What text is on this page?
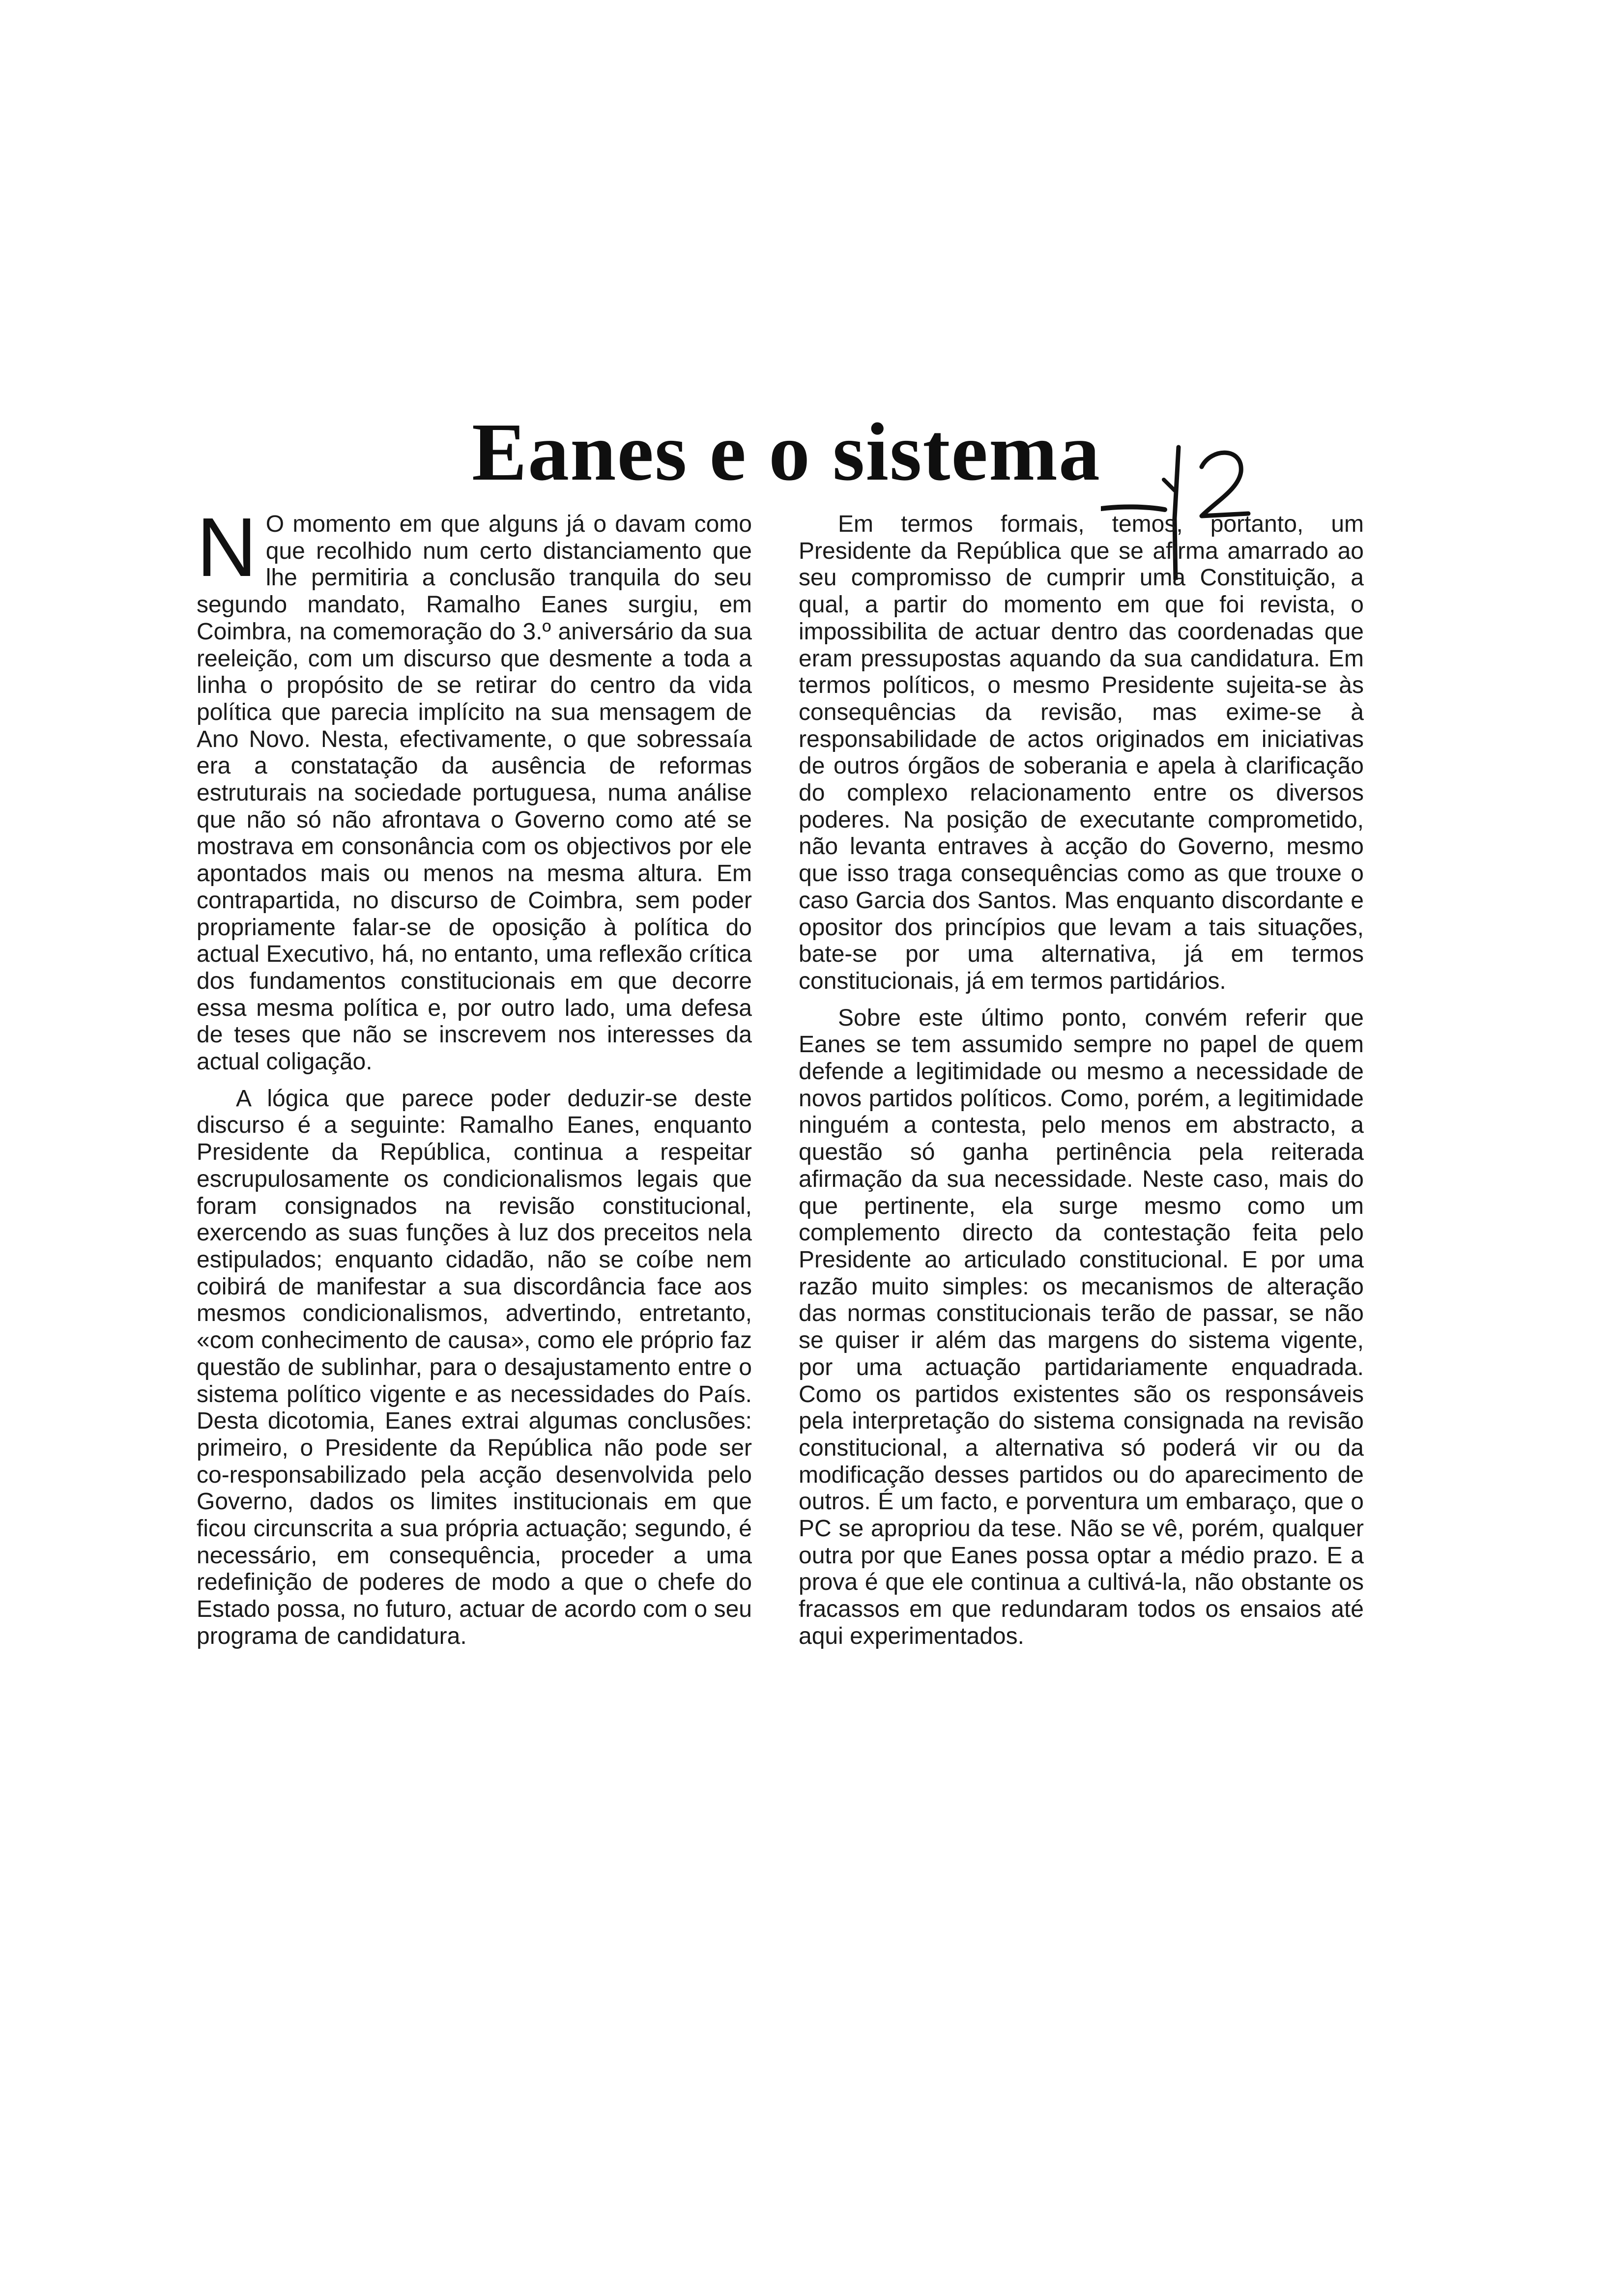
Eanes e o sistema

N O momento em que alguns já o davam como que recolhido num certo distanciamento que lhe permitiria a conclusão tranquila do seu segundo mandato, Ramalho Eanes surgiu, em Coimbra, na comemoração do 3.º aniversário da sua reeleição, com um discurso que desmente a toda a linha o propósito de se retirar do centro da vida política que parecia implícito na sua mensagem de Ano Novo. Nesta, efectivamente, o que sobressaía era a constatação da ausência de reformas estruturais na sociedade portuguesa, numa análise que não só não afrontava o Governo como até se mostrava em consonância com os objectivos por ele apontados mais ou menos na mesma altura. Em contrapartida, no discurso de Coimbra, sem poder propriamente falar-se de oposição à política do actual Executivo, há, no entanto, uma reflexão crítica dos fundamentos constitucionais em que decorre essa mesma política e, por outro lado, uma defesa de teses que não se inscrevem nos interesses da actual coligação.

A lógica que parece poder deduzir-se deste discurso é a seguinte: Ramalho Eanes, enquanto Presidente da República, continua a respeitar escrupulosamente os condicionalismos legais que foram consignados na revisão constitucional, exercendo as suas funções à luz dos preceitos nela estipulados; enquanto cidadão, não se coíbe nem coibirá de manifestar a sua discordância face aos mesmos condicionalismos, advertindo, entretanto, «com conhecimento de causa», como ele próprio faz questão de sublinhar, para o desajustamento entre o sistema político vigente e as necessidades do País. Desta dicotomia, Eanes extrai algumas conclusões: primeiro, o Presidente da República não pode ser co-responsabilizado pela acção desenvolvida pelo Governo, dados os limites institucionais em que ficou circunscrita a sua própria actuação; segundo, é necessário, em consequência, proceder a uma redefinição de poderes de modo a que o chefe do Estado possa, no futuro, actuar de acordo com o seu programa de candidatura.

Em termos formais, temos, portanto, um Presidente da República que se afirma amarrado ao seu compromisso de cumprir uma Constituição, a qual, a partir do momento em que foi revista, o impossibilita de actuar dentro das coordenadas que eram pressupostas aquando da sua candidatura. Em termos políticos, o mesmo Presidente sujeita-se às consequências da revisão, mas exime-se à responsabilidade de actos originados em iniciativas de outros órgãos de soberania e apela à clarificação do complexo relacionamento entre os diversos poderes. Na posição de executante comprometido, não levanta entraves à acção do Governo, mesmo que isso traga consequências como as que trouxe o caso Garcia dos Santos. Mas enquanto discordante e opositor dos princípios que levam a tais situações, bate-se por uma alternativa, já em termos constitucionais, já em termos partidários.

Sobre este último ponto, convém referir que Eanes se tem assumido sempre no papel de quem defende a legitimidade ou mesmo a necessidade de novos partidos políticos. Como, porém, a legitimidade ninguém a contesta, pelo menos em abstracto, a questão só ganha pertinência pela reiterada afirmação da sua necessidade. Neste caso, mais do que pertinente, ela surge mesmo como um complemento directo da contestação feita pelo Presidente ao articulado constitucional. E por uma razão muito simples: os mecanismos de alteração das normas constitucionais terão de passar, se não se quiser ir além das margens do sistema vigente, por uma actuação partidariamente enquadrada. Como os partidos existentes são os responsáveis pela interpretação do sistema consignada na revisão constitucional, a alternativa só poderá vir ou da modificação desses partidos ou do aparecimento de outros. É um facto, e porventura um embaraço, que o PC se apropriou da tese. Não se vê, porém, qualquer outra por que Eanes possa optar a médio prazo. E a prova é que ele continua a cultivá-la, não obstante os fracassos em que redundaram todos os ensaios até aqui experimentados.
